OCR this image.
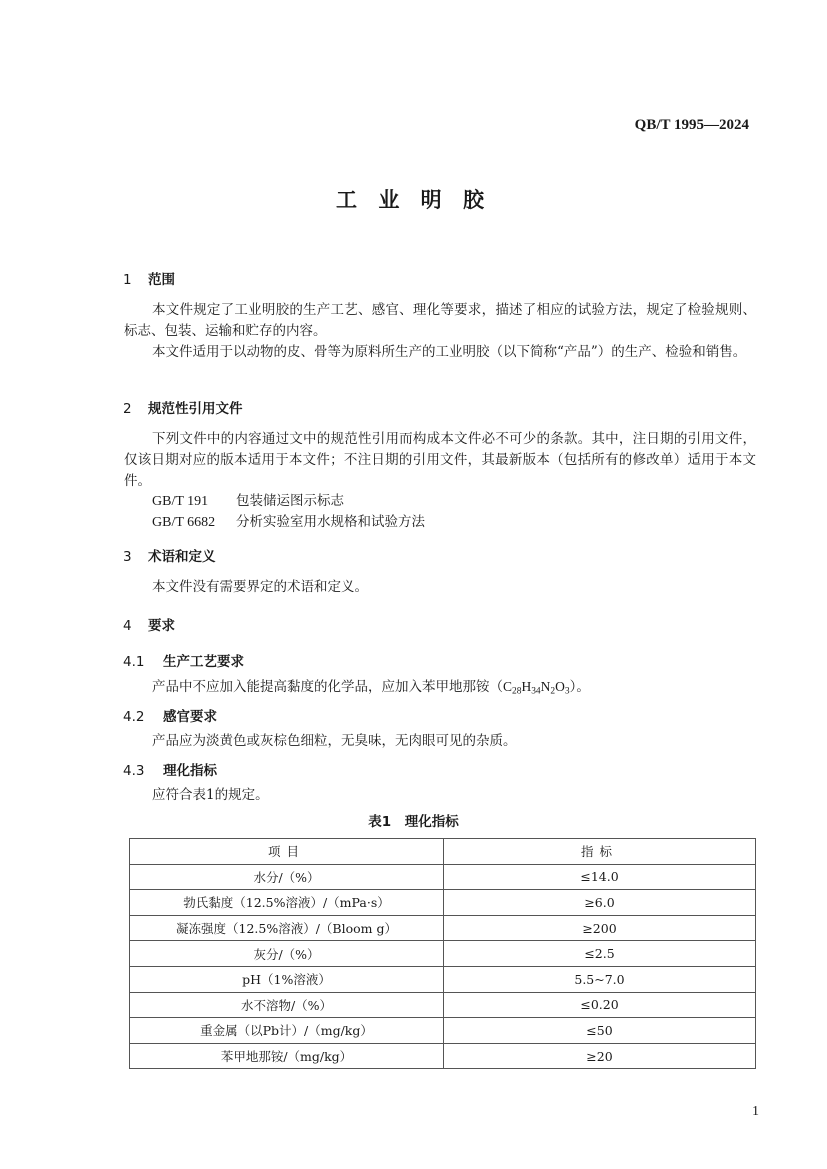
QB/T 1995—2024
工 业 明 胶
1 范围
本文件规定了工业明胶的生产工艺、感官、理化等要求，描述了相应的试验方法，规定了检验规则、标志、包装、运输和贮存的内容。
本文件适用于以动物的皮、骨等为原料所生产的工业明胶（以下简称“产品”）的生产、检验和销售。
2 规范性引用文件
下列文件中的内容通过文中的规范性引用而构成本文件必不可少的条款。其中，注日期的引用文件，仅该日期对应的版本适用于本文件；不注日期的引用文件，其最新版本（包括所有的修改单）适用于本文件。
GB/T 191 包装储运图示标志
GB/T 6682 分析实验室用水规格和试验方法
3 术语和定义
本文件没有需要界定的术语和定义。
4 要求
4.1 生产工艺要求
产品中不应加入能提高黏度的化学品，应加入苯甲地那铵$(C_{28}H_{34}N_2O_3)$。
4.2 感官要求
产品应为淡黄色或灰棕色细粒，无臭味，无肉眼可见的杂质。
4.3 理化指标
应符合表1的规定。
表1　理化指标
项目	指标
水分/（%）	≤14.0
勃氏黏度（12.5%溶液）/（mPa·s）	≥6.0
凝冻强度（12.5%溶液）/（Bloom g）	≥200
灰分/（%）	≤2.5
pH（1%溶液）	5.5~7.0
水不溶物/（%）	≤0.20
重金属（以Pb计）/（mg/kg）	≤50
苯甲地那铵/（mg/kg）	≥20
1
